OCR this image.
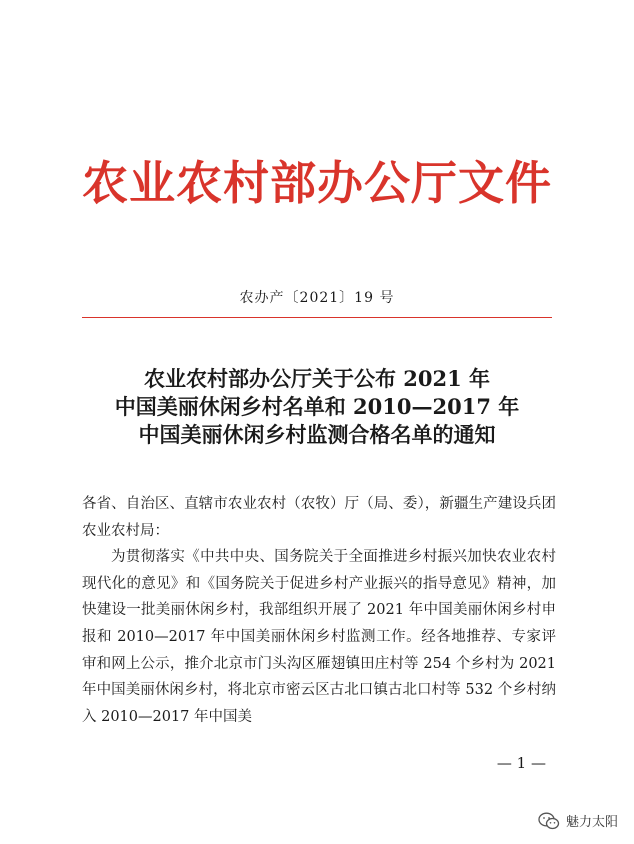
农业农村部办公厅文件
农办产〔2021〕19 号
农业农村部办公厅关于公布 2021 年
中国美丽休闲乡村名单和 2010—2017 年
中国美丽休闲乡村监测合格名单的通知

各省、自治区、直辖市农业农村（农牧）厅（局、委），新疆生产建设兵团农业农村局：

为贯彻落实《中共中央、国务院关于全面推进乡村振兴加快农业农村现代化的意见》和《国务院关于促进乡村产业振兴的指导意见》精神，加快建设一批美丽休闲乡村，我部组织开展了 2021 年中国美丽休闲乡村申报和 2010—2017 年中国美丽休闲乡村监测工作。经各地推荐、专家评审和网上公示，推介北京市门头沟区雁翅镇田庄村等 254 个乡村为 2021 年中国美丽休闲乡村，将北京市密云区古北口镇古北口村等 532 个乡村纳入 2010—2017 年中国美

— 1 —
魅力太阳
